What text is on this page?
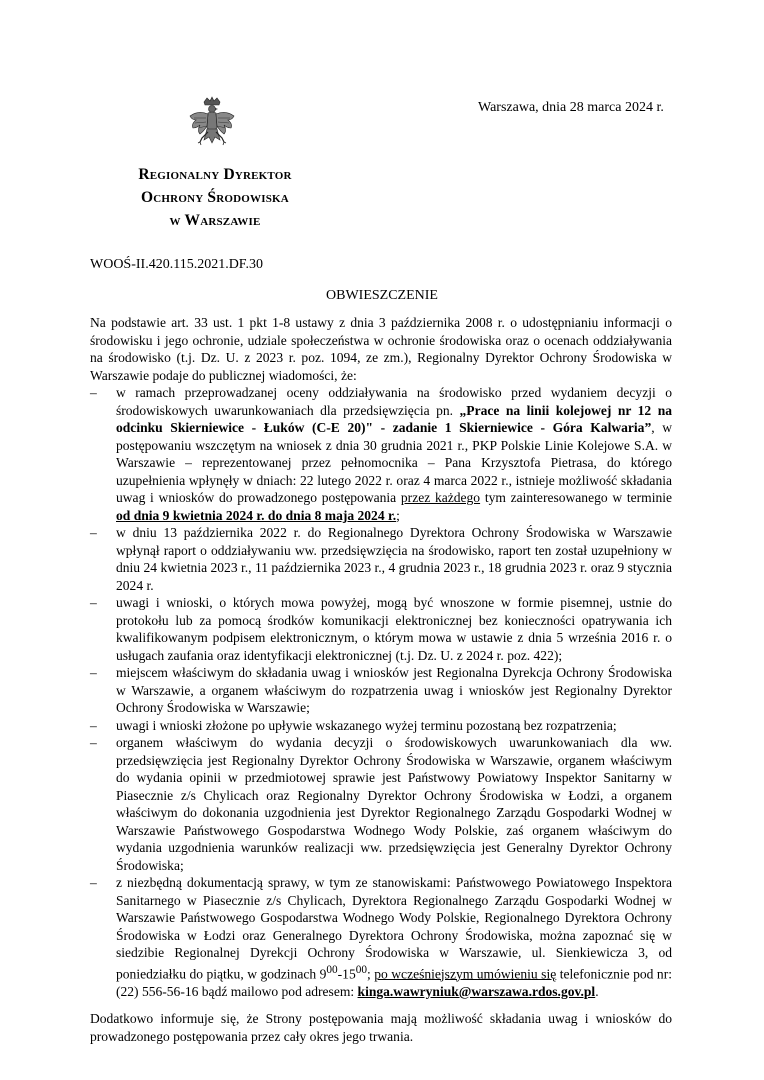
Warszawa, dnia 28 marca 2024 r.
Regionalny Dyrektor
Ochrony Środowiska
w Warszawie
WOOŚ-II.420.115.2021.DF.30
OBWIESZCZENIE

Na podstawie art. 33 ust. 1 pkt 1-8 ustawy z dnia 3 października 2008 r. o udostępnianiu informacji o środowisku i jego ochronie, udziale społeczeństwa w ochronie środowiska oraz o ocenach oddziaływania na środowisko (t.j. Dz. U. z 2023 r. poz. 1094, ze zm.), Regionalny Dyrektor Ochrony Środowiska w Warszawie podaje do publicznej wiadomości, że:

– w ramach przeprowadzanej oceny oddziaływania na środowisko przed wydaniem decyzji o środowiskowych uwarunkowaniach dla przedsięwzięcia pn. „Prace na linii kolejowej nr 12 na odcinku Skierniewice - Łuków (C-E 20)" - zadanie 1 Skierniewice - Góra Kalwaria”, w postępowaniu wszczętym na wniosek z dnia 30 grudnia 2021 r., PKP Polskie Linie Kolejowe S.A. w Warszawie – reprezentowanej przez pełnomocnika – Pana Krzysztofa Pietrasa, do którego uzupełnienia wpłynęły w dniach: 22 lutego 2022 r. oraz 4 marca 2022 r., istnieje możliwość składania uwag i wniosków do prowadzonego postępowania przez każdego tym zainteresowanego w terminie od dnia 9 kwietnia 2024 r. do dnia 8 maja 2024 r.;
– w dniu 13 października 2022 r. do Regionalnego Dyrektora Ochrony Środowiska w Warszawie wpłynął raport o oddziaływaniu ww. przedsięwzięcia na środowisko, raport ten został uzupełniony w dniu 24 kwietnia 2023 r., 11 października 2023 r., 4 grudnia 2023 r., 18 grudnia 2023 r. oraz 9 stycznia 2024 r.
– uwagi i wnioski, o których mowa powyżej, mogą być wnoszone w formie pisemnej, ustnie do protokołu lub za pomocą środków komunikacji elektronicznej bez konieczności opatrywania ich kwalifikowanym podpisem elektronicznym, o którym mowa w ustawie z dnia 5 września 2016 r. o usługach zaufania oraz identyfikacji elektronicznej (t.j. Dz. U. z 2024 r. poz. 422);
– miejscem właściwym do składania uwag i wniosków jest Regionalna Dyrekcja Ochrony Środowiska w Warszawie, a organem właściwym do rozpatrzenia uwag i wniosków jest Regionalny Dyrektor Ochrony Środowiska w Warszawie;
– uwagi i wnioski złożone po upływie wskazanego wyżej terminu pozostaną bez rozpatrzenia;
– organem właściwym do wydania decyzji o środowiskowych uwarunkowaniach dla ww. przedsięwzięcia jest Regionalny Dyrektor Ochrony Środowiska w Warszawie, organem właściwym do wydania opinii w przedmiotowej sprawie jest Państwowy Powiatowy Inspektor Sanitarny w Piasecznie z/s Chylicach oraz Regionalny Dyrektor Ochrony Środowiska w Łodzi, a organem właściwym do dokonania uzgodnienia jest Dyrektor Regionalnego Zarządu Gospodarki Wodnej w Warszawie Państwowego Gospodarstwa Wodnego Wody Polskie, zaś organem właściwym do wydania uzgodnienia warunków realizacji ww. przedsięwzięcia jest Generalny Dyrektor Ochrony Środowiska;
– z niezbędną dokumentacją sprawy, w tym ze stanowiskami: Państwowego Powiatowego Inspektora Sanitarnego w Piasecznie z/s Chylicach, Dyrektora Regionalnego Zarządu Gospodarki Wodnej w Warszawie Państwowego Gospodarstwa Wodnego Wody Polskie, Regionalnego Dyrektora Ochrony Środowiska w Łodzi oraz Generalnego Dyrektora Ochrony Środowiska, można zapoznać się w siedzibie Regionalnej Dyrekcji Ochrony Środowiska w Warszawie, ul. Sienkiewicza 3, od poniedziałku do piątku, w godzinach $9^{00}-15^{00}$; po wcześniejszym umówieniu się telefonicznie pod nr: (22) 556-56-16 bądź mailowo pod adresem: kinga.wawryniuk@warszawa.rdos.gov.pl.

Dodatkowo informuje się, że Strony postępowania mają możliwość składania uwag i wniosków do prowadzonego postępowania przez cały okres jego trwania.
